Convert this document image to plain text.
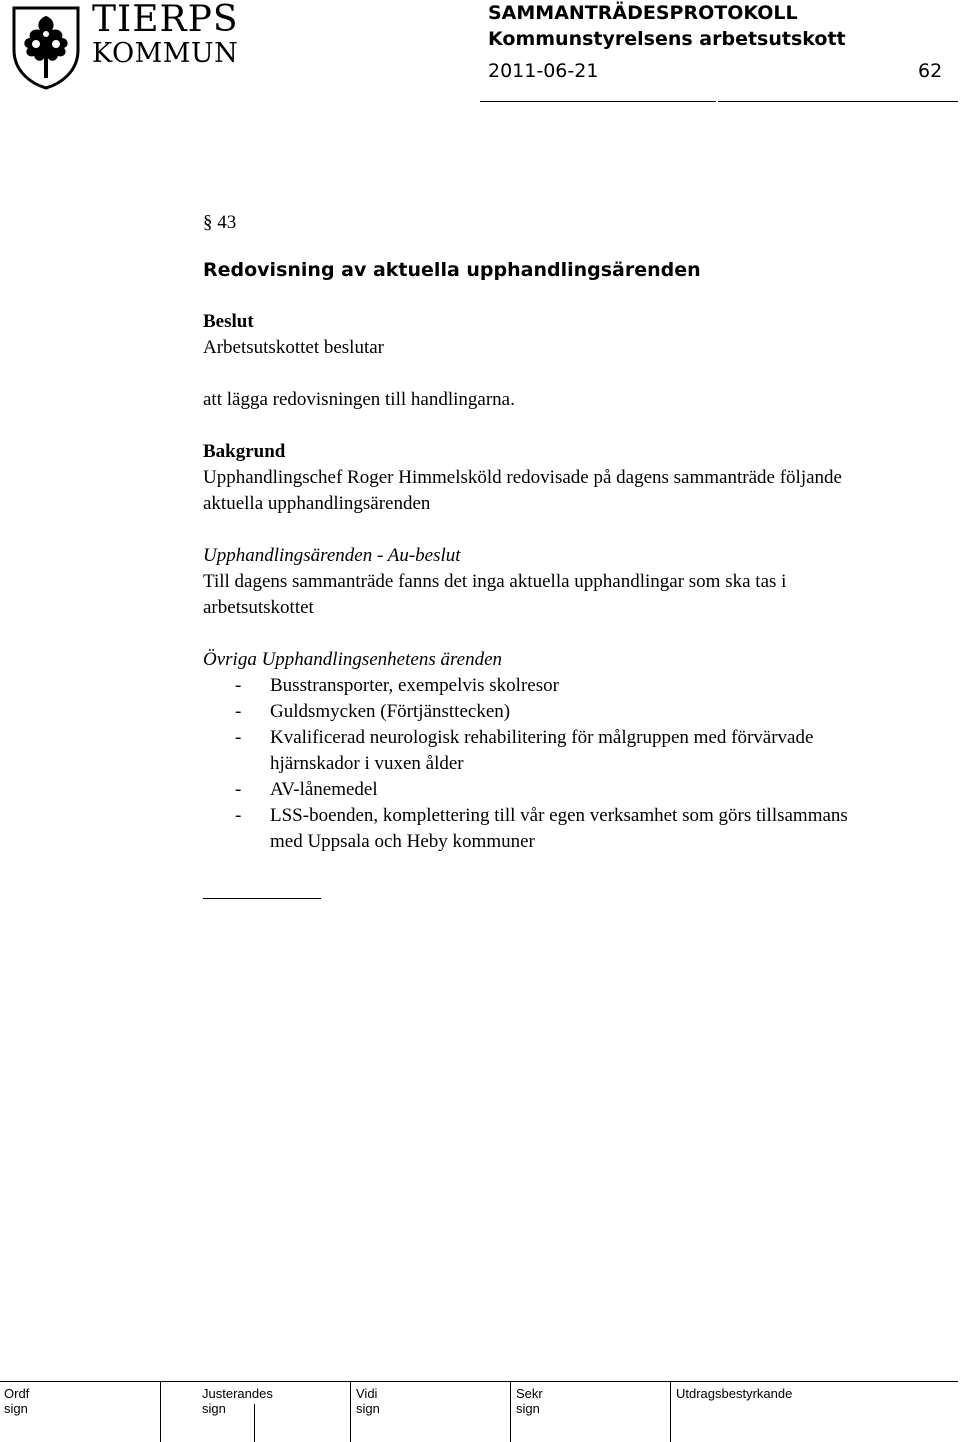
TIERPS
KOMMUN
SAMMANTRÄDESPROTOKOLL
Kommunstyrelsens arbetsutskott
2011-06-21	62
§ 43
Redovisning av aktuella upphandlingsärenden
Beslut
Arbetsutskottet beslutar
att lägga redovisningen till handlingarna.
Bakgrund
Upphandlingschef Roger Himmelsköld redovisade på dagens sammanträde följande
aktuella upphandlingsärenden
Upphandlingsärenden - Au-beslut
Till dagens sammanträde fanns det inga aktuella upphandlingar som ska tas i
arbetsutskottet
Övriga Upphandlingsenhetens ärenden
- Busstransporter, exempelvis skolresor
- Guldsmycken (Förtjänsttecken)
- Kvalificerad neurologisk rehabilitering för målgruppen med förvärvade
hjärnskador i vuxen ålder
- AV-lånemedel
- LSS-boenden, komplettering till vår egen verksamhet som görs tillsammans
med Uppsala och Heby kommuner
Ordf sign
Justerandes sign
Vidi sign
Sekr sign
Utdragsbestyrkande
